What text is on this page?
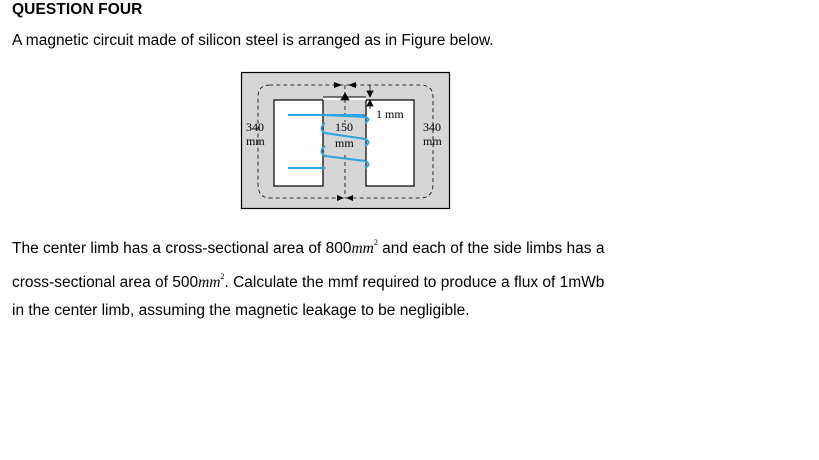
QUESTION FOUR
A magnetic circuit made of silicon steel is arranged as in Figure below.
340
mm
150
mm
340
mm
1 mm
The center limb has a cross-sectional area of $800mm^2$ and each of the side limbs has a
cross-sectional area of $500mm^2$. Calculate the mmf required to produce a flux of 1mWb
in the center limb, assuming the magnetic leakage to be negligible.
